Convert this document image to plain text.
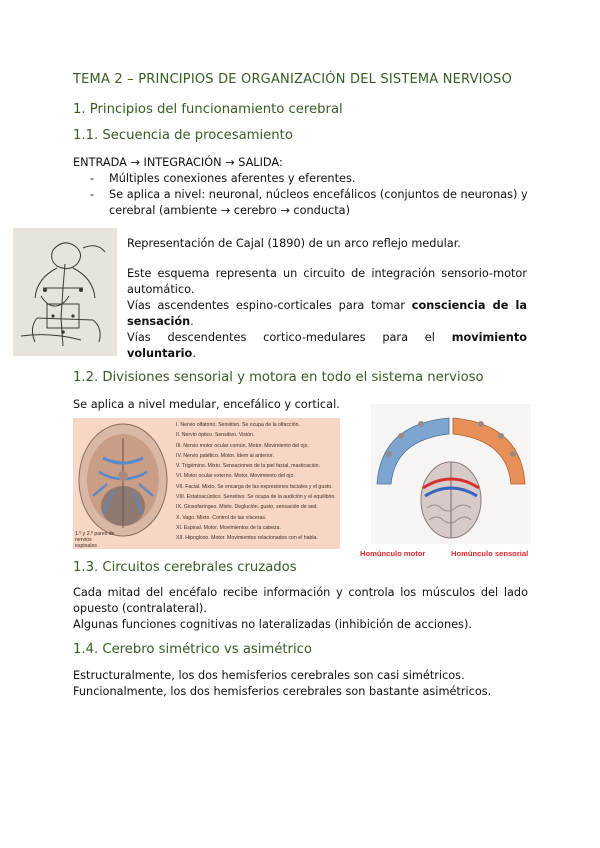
TEMA 2 – PRINCIPIOS DE ORGANIZACIÓN DEL SISTEMA NERVIOSO
1. Principios del funcionamiento cerebral
1.1. Secuencia de procesamiento
ENTRADA → INTEGRACIÓN → SALIDA:
- Múltiples conexiones aferentes y eferentes.
- Se aplica a nivel: neuronal, núcleos encefálicos (conjuntos de neuronas) y cerebral (ambiente → cerebro → conducta)
Representación de Cajal (1890) de un arco reflejo medular.
Este esquema representa un circuito de integración sensorio-motor automático.
Vías ascendentes espino-corticales para tomar consciencia de la sensación.
Vías descendentes cortico-medulares para el movimiento voluntario.
1.2. Divisiones sensorial y motora en todo el sistema nervioso
Se aplica a nivel medular, encefálico y cortical.
I. Nervio olfatorio. Sensitivo. Se ocupa de la olfacción.
II. Nervio óptico. Sensitivo. Visión.
III. Nervio motor ocular común. Motor. Movimiento del ojo.
IV. Nervio patético. Motor. Ídem al anterior.
V. Trigémino. Mixto. Sensaciones de la piel facial, masticación.
VI. Motor ocular externo. Motor. Movimiento del ojo.
VII. Facial. Mixto. Se encarga de las expresiones faciales y el gusto.
VIII. Estatoacústico. Sensitivo. Se ocupa de la audición y el equilibrio.
IX. Glosofaríngeo. Mixto. Deglución, gusto, sensación de sed.
X. Vago. Mixto. Control de las vísceras.
XI. Espinal. Motor. Movimientos de la cabeza.
XII. Hipogloso. Motor. Movimientos relacionados con el habla.
1.º y 2.º pares de nervios espinales
Homúnculo motor	Homúnculo sensorial
1.3. Circuitos cerebrales cruzados
Cada mitad del encéfalo recibe información y controla los músculos del lado opuesto (contralateral).
Algunas funciones cognitivas no lateralizadas (inhibición de acciones).
1.4. Cerebro simétrico vs asimétrico
Estructuralmente, los dos hemisferios cerebrales son casi simétricos.
Funcionalmente, los dos hemisferios cerebrales son bastante asimétricos.
